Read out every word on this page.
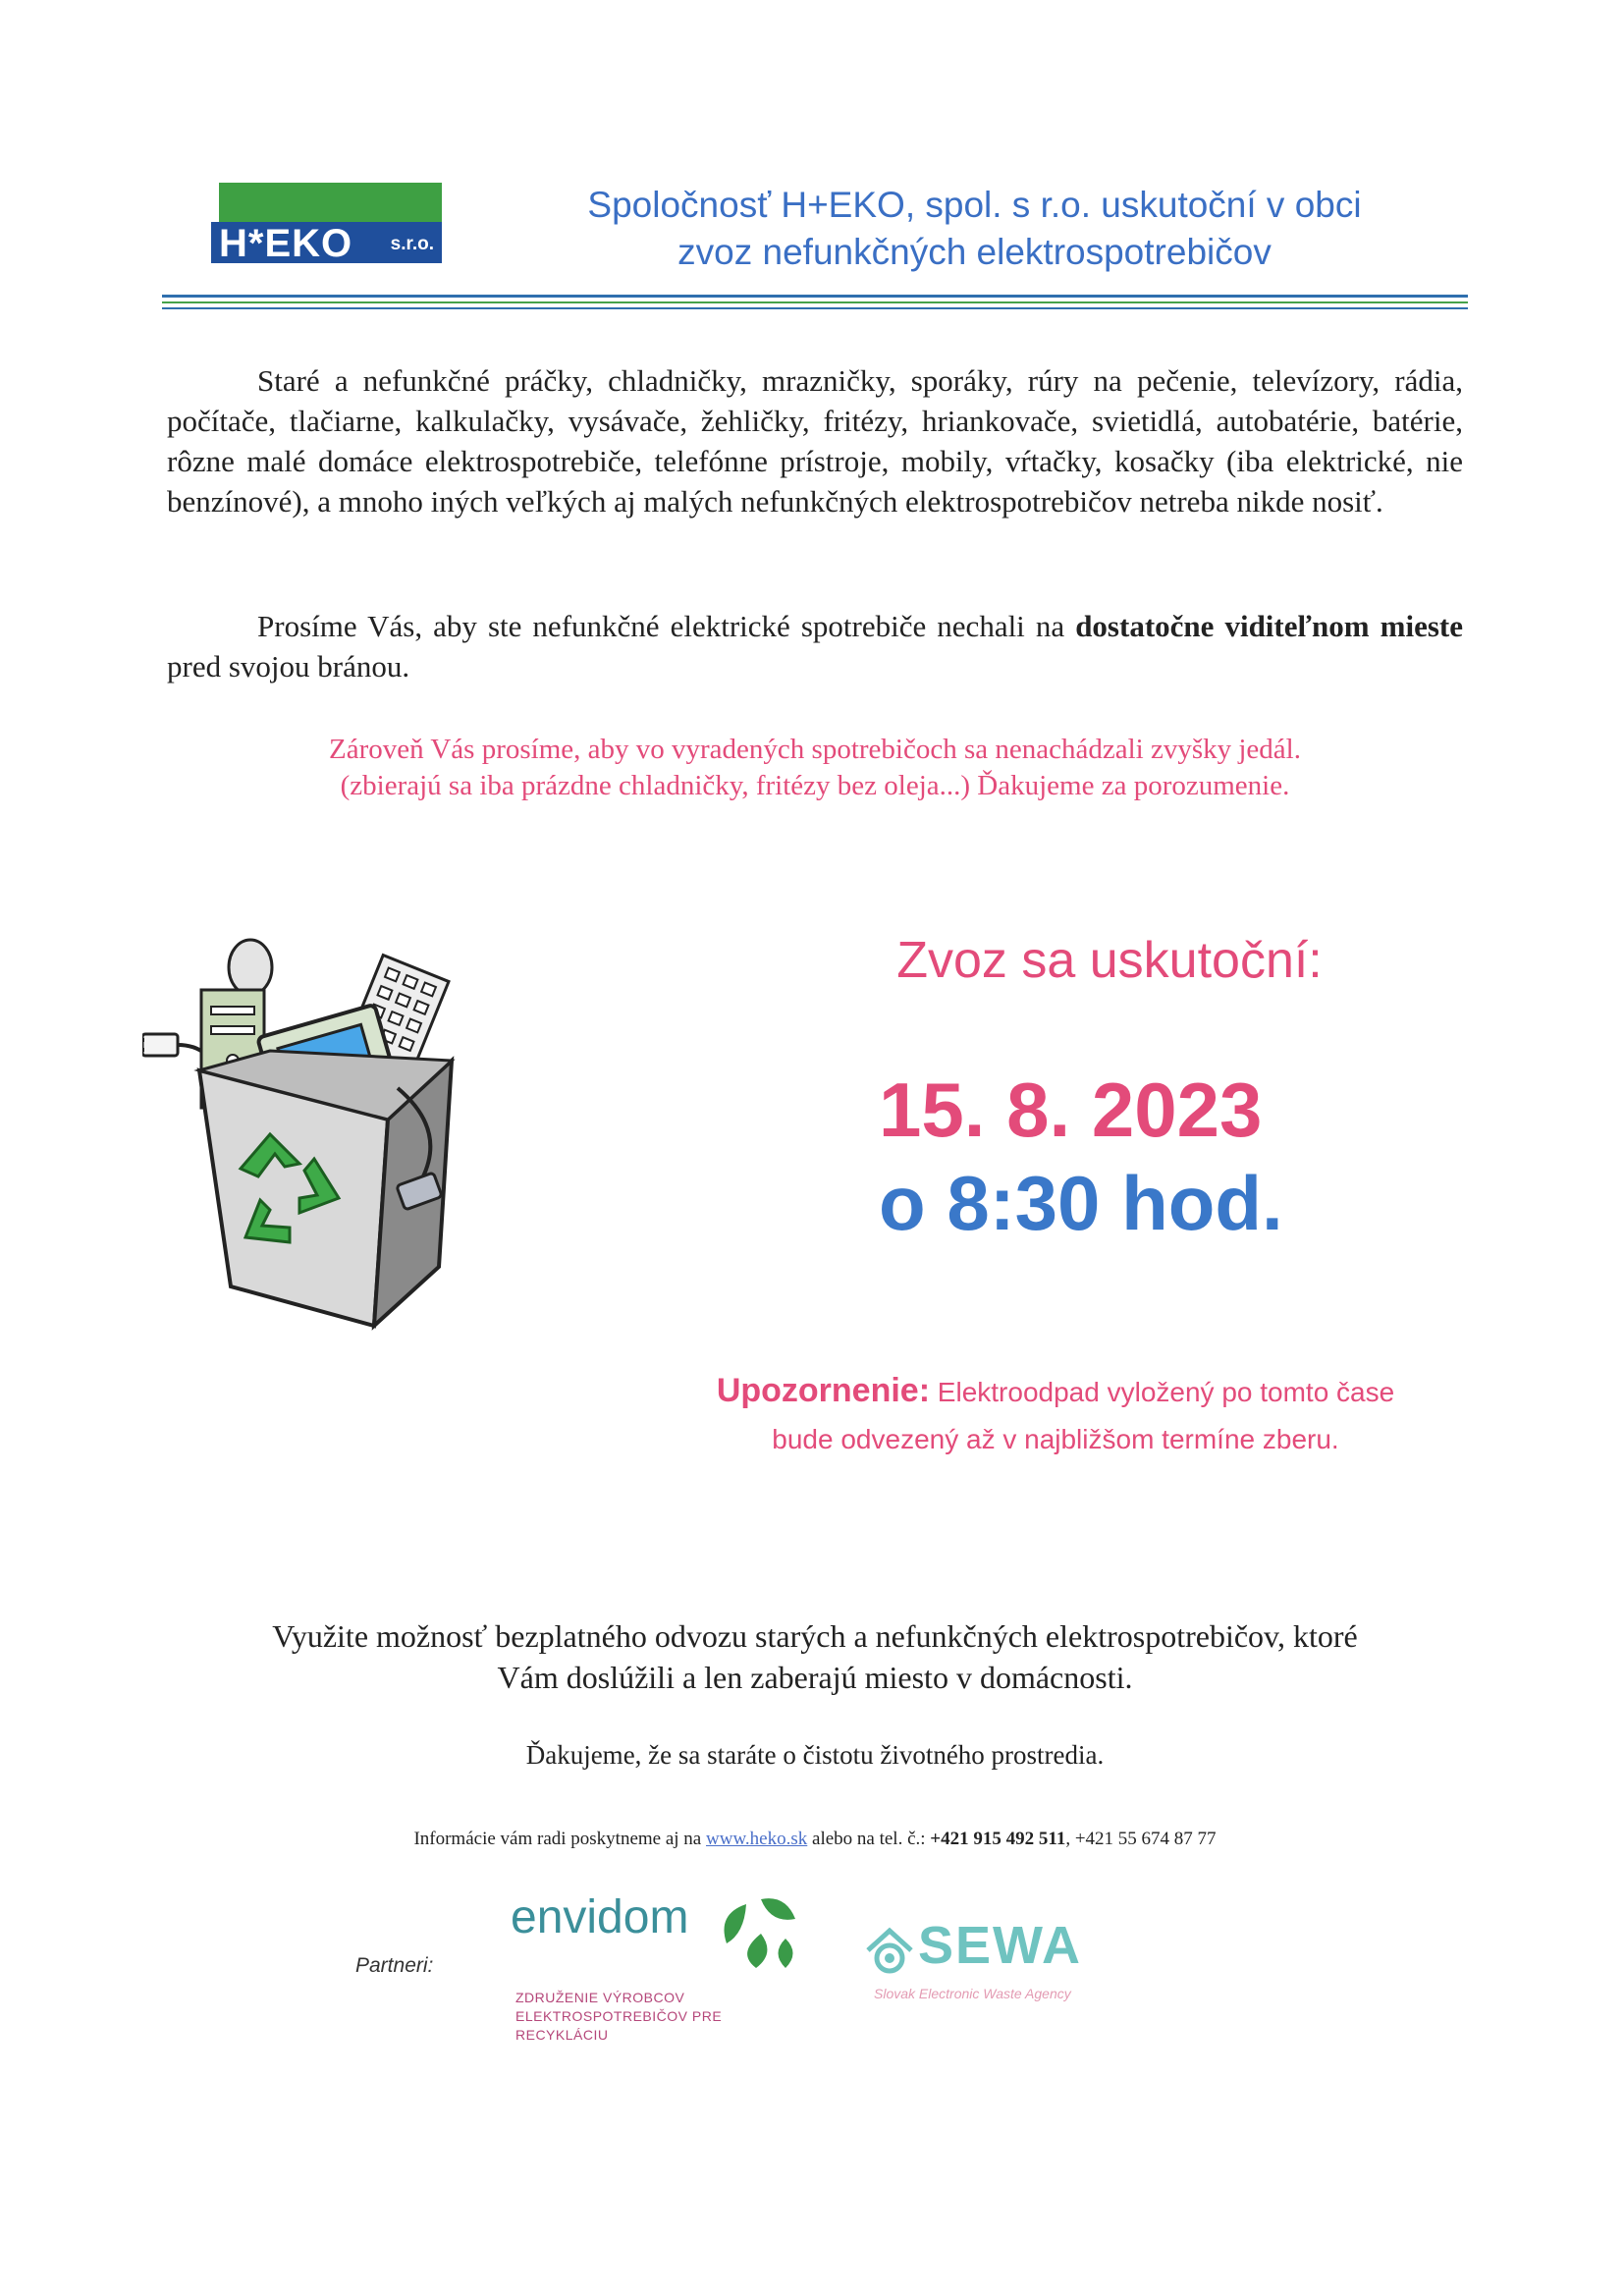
H*EKO s.r.o.
Spoločnosť H+EKO, spol. s r.o. uskutoční v obci
zvoz nefunkčných elektrospotrebičov
Staré a nefunkčné práčky, chladničky, mrazničky, sporáky, rúry na pečenie, televízory, rádia, počítače, tlačiarne, kalkulačky, vysávače, žehličky, fritézy, hriankovače, svietidlá, autobatérie, batérie, rôzne malé domáce elektrospotrebiče, telefónne prístroje, mobily, vŕtačky, kosačky (iba elektrické, nie benzínové), a mnoho iných veľkých aj malých nefunkčných elektrospotrebičov netreba nikde nosiť.
Prosíme Vás, aby ste nefunkčné elektrické spotrebiče nechali na dostatočne viditeľnom mieste pred svojou bránou.
Zároveň Vás prosíme, aby vo vyradených spotrebičoch sa nenachádzali zvyšky jedál.
(zbierajú sa iba prázdne chladničky, fritézy bez oleja...) Ďakujeme za porozumenie.
Zvoz sa uskutoční:
15. 8. 2023
o 8:30 hod.
Upozornenie: Elektroodpad vyložený po tomto čase
bude odvezený až v najbližšom termíne zberu.
Využite možnosť bezplatného odvozu starých a nefunkčných elektrospotrebičov, ktoré
Vám doslúžili a len zaberajú miesto v domácnosti.
Ďakujeme, že sa staráte o čistotu životného prostredia.
Informácie vám radi poskytneme aj na www.heko.sk alebo na tel. č.: +421 915 492 511, +421 55 674 87 77
Partneri:
envidom
ZDRUŽENIE VÝROBCOV
ELEKTROSPOTREBIČOV PRE RECYKLÁCIU
SEWA
Slovak Electronic Waste Agency
